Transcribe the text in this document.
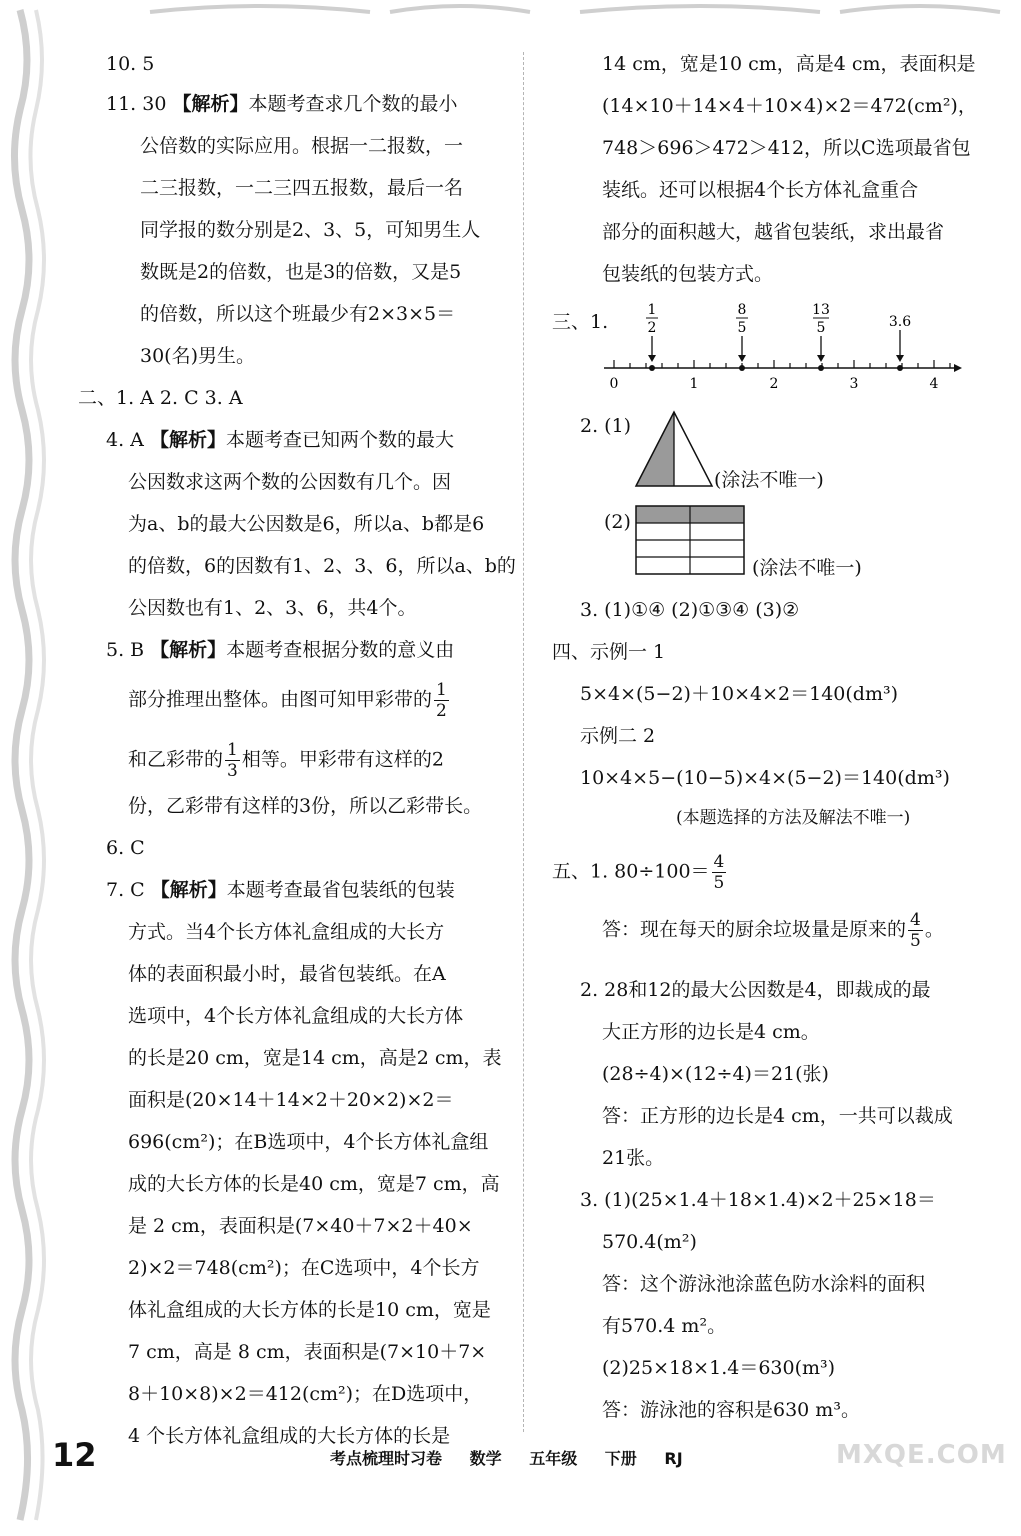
10. 5
11. 30 【解析】本题考查求几个数的最小
公倍数的实际应用。根据一二报数，一
二三报数，一二三四五报数，最后一名
同学报的数分别是2、3、5，可知男生人
数既是2的倍数，也是3的倍数，又是5
的倍数，所以这个班最少有2×3×5＝
30(名)男生。
二、1. A 2. C 3. A
4. A 【解析】本题考查已知两个数的最大
公因数求这两个数的公因数有几个。因
为a、b的最大公因数是6，所以a、b都是6
的倍数，6的因数有1、2、3、6，所以a、b的
公因数也有1、2、3、6，共4个。
5. B 【解析】本题考查根据分数的意义由
部分推理出整体。由图可知甲彩带的 $\frac{1}{2}$
和乙彩带的 $\frac{1}{3}$ 相等。甲彩带有这样的2
份，乙彩带有这样的3份，所以乙彩带长。
6. C
7. C 【解析】本题考查最省包装纸的包装
方式。当4个长方体礼盒组成的大长方
体的表面积最小时，最省包装纸。在A
选项中，4个长方体礼盒组成的大长方体
的长是20 cm，宽是14 cm，高是2 cm，表
面积是(20×14＋14×2＋20×2)×2＝
696(cm²)；在B选项中，4个长方体礼盒组
成的大长方体的长是40 cm，宽是7 cm，高
是 2 cm，表面积是(7×40＋7×2＋40×
2)×2＝748(cm²)；在C选项中，4个长方
体礼盒组成的大长方体的长是10 cm，宽是
7 cm，高是 8 cm，表面积是(7×10＋7×
8＋10×8)×2＝412(cm²)；在D选项中，
4 个长方体礼盒组成的大长方体的长是
14 cm，宽是10 cm，高是4 cm，表面积是
(14×10＋14×4＋10×4)×2＝472(cm²)，
748＞696＞472＞412，所以C选项最省包
装纸。还可以根据4个长方体礼盒重合
部分的面积越大，越省包装纸，求出最省
包装纸的包装方式。
三、1.
2. (1)
(涂法不唯一)
(2)
(涂法不唯一)
3. (1)①④ (2)①③④ (3)②
四、示例一 1
5×4×(5−2)＋10×4×2＝140(dm³)
示例二 2
10×4×5−(10−5)×4×(5−2)＝140(dm³)
(本题选择的方法及解法不唯一)
五、1. $80\div 100= \frac{4}{5}$
答：现在每天的厨余垃圾量是原来的 $\frac{4}{5}$ 。
2. 28和12的最大公因数是4，即裁成的最
大正方形的边长是4 cm。
(28÷4)×(12÷4)＝21(张)
答：正方形的边长是4 cm，一共可以裁成
21张。
3. (1)(25×1.4＋18×1.4)×2＋25×18＝
570.4(m²)
答：这个游泳池涂蓝色防水涂料的面积
有570.4 m²。
(2)25×18×1.4＝630(m³)
答：游泳池的容积是630 m³。
1
2
8
5
13
5	3.6
0	1	2	3	4
12	考点梳理时习卷 数学 五年级 下册 RJ	MXQE.COM
